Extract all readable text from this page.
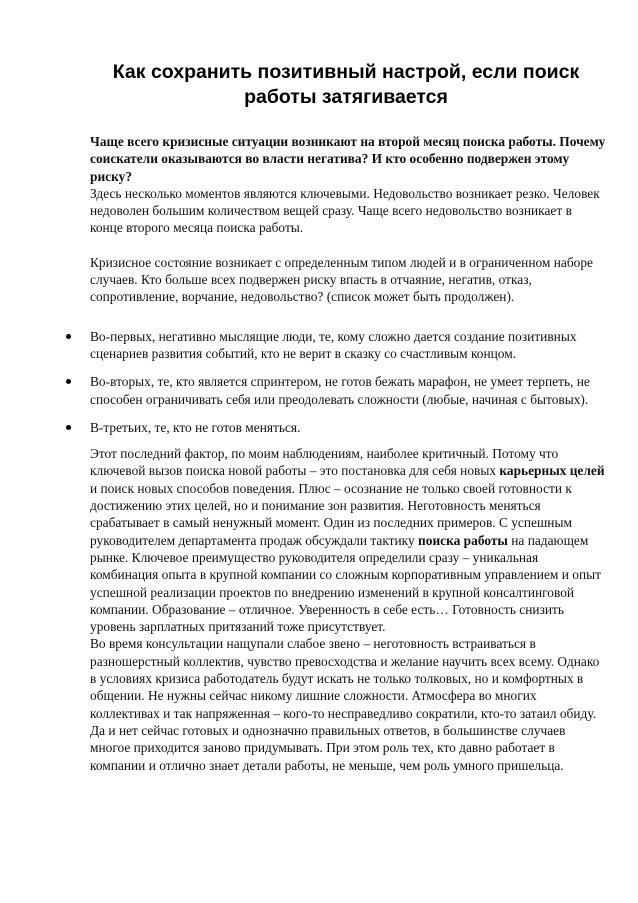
Как сохранить позитивный настрой, если поиск работы затягивается

Чаще всего кризисные ситуации возникают на второй месяц поиска работы. Почему соискатели оказываются во власти негатива? И кто особенно подвержен этому риску?

Здесь несколько моментов являются ключевыми. Недовольство возникает резко. Человек недоволен большим количеством вещей сразу. Чаще всего недовольство возникает в конце второго месяца поиска работы.

Кризисное состояние возникает с определенным типом людей и в ограниченном наборе случаев. Кто больше всех подвержен риску впасть в отчаяние, негатив, отказ, сопротивление, ворчание, недовольство? (список может быть продолжен).

Во-первых, негативно мыслящие люди, те, кому сложно дается создание позитивных сценариев развития событий, кто не верит в сказку со счастливым концом.
Во-вторых, те, кто является спринтером, не готов бежать марафон, не умеет терпеть, не способен ограничивать себя или преодолевать сложности (любые, начиная с бытовых).
В-третьих, те, кто не готов меняться.

Этот последний фактор, по моим наблюдениям, наиболее критичный. Потому что ключевой вызов поиска новой работы – это постановка для себя новых карьерных целей и поиск новых способов поведения. Плюс – осознание не только своей готовности к достижению этих целей, но и понимание зон развития. Неготовность меняться срабатывает в самый ненужный момент. Один из последних примеров. С успешным руководителем департамента продаж обсуждали тактику поиска работы на падающем рынке. Ключевое преимущество руководителя определили сразу – уникальная комбинация опыта в крупной компании со сложным корпоративным управлением и опыт успешной реализации проектов по внедрению изменений в крупной консалтинговой компании. Образование – отличное. Уверенность в себе есть… Готовность снизить уровень зарплатных притязаний тоже присутствует.

Во время консультации нащупали слабое звено – неготовность встраиваться в разношерстный коллектив, чувство превосходства и желание научить всех всему. Однако в условиях кризиса работодатель будут искать не только толковых, но и комфортных в общении. Не нужны сейчас никому лишние сложности. Атмосфера во многих коллективах и так напряженная – кого-то несправедливо сократили, кто-то затаил обиду. Да и нет сейчас готовых и однозначно правильных ответов, в большинстве случаев многое приходится заново придумывать. При этом роль тех, кто давно работает в компании и отлично знает детали работы, не меньше, чем роль умного пришельца.
